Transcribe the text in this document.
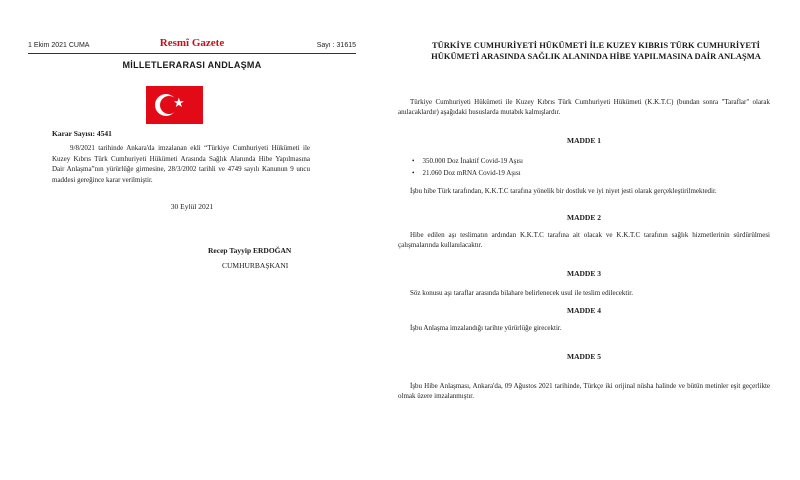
1 Ekim 2021 CUMA	Resmî Gazete	Sayı : 31615
MİLLETLERARASI ANDLAŞMA
★
Karar Sayısı: 4541

9/8/2021 tarihinde Ankara'da imzalanan ekli “Türkiye Cumhuriyeti Hükümeti ile Kuzey Kıbrıs Türk Cumhuriyeti Hükümeti Arasında Sağlık Alanında Hibe Yapılmasına Dair Anlaşma”nın yürürlüğe girmesine, 28/3/2002 tarihli ve 4749 sayılı Kanunun 9 uncu maddesi gereğince karar verilmiştir.

30 Eylül 2021
Recep Tayyip ERDOĞAN
CUMHURBAŞKANI

TÜRKİYE CUMHURİYETİ HÜKÜMETİ İLE KUZEY KIBRIS TÜRK CUMHURİYETİ HÜKÜMETİ ARASINDA SAĞLIK ALANINDA HİBE YAPILMASINA DAİR ANLAŞMA

Türkiye Cumhuriyeti Hükümeti ile Kuzey Kıbrıs Türk Cumhuriyeti Hükümeti (K.K.T.C) (bundan sonra "Taraflar" olarak anılacaklardır) aşağıdaki hususlarda mutabık kalmışlardır.

MADDE 1
• 350.000 Doz İnaktif Covid-19 Aşısı
• 21.060 Doz mRNA Covid-19 Aşısı

İşbu hibe Türk tarafından, K.K.T.C tarafına yönelik bir dostluk ve iyi niyet jesti olarak gerçekleştirilmektedir.

MADDE 2

Hibe edilen aşı teslimatın ardından K.K.T.C tarafına ait olacak ve K.K.T.C tarafının sağlık hizmetlerinin sürdürülmesi çalışmalarında kullanılacaktır.

MADDE 3

Söz konusu aşı taraflar arasında bilahare belirlenecek usul ile teslim edilecektir.

MADDE 4

İşbu Anlaşma imzalandığı tarihte yürürlüğe girecektir.

MADDE 5

İşbu Hibe Anlaşması, Ankara'da, 09 Ağustos 2021 tarihinde, Türkçe iki orijinal nüsha halinde ve bütün metinler eşit geçerlikte olmak üzere imzalanmıştır.
